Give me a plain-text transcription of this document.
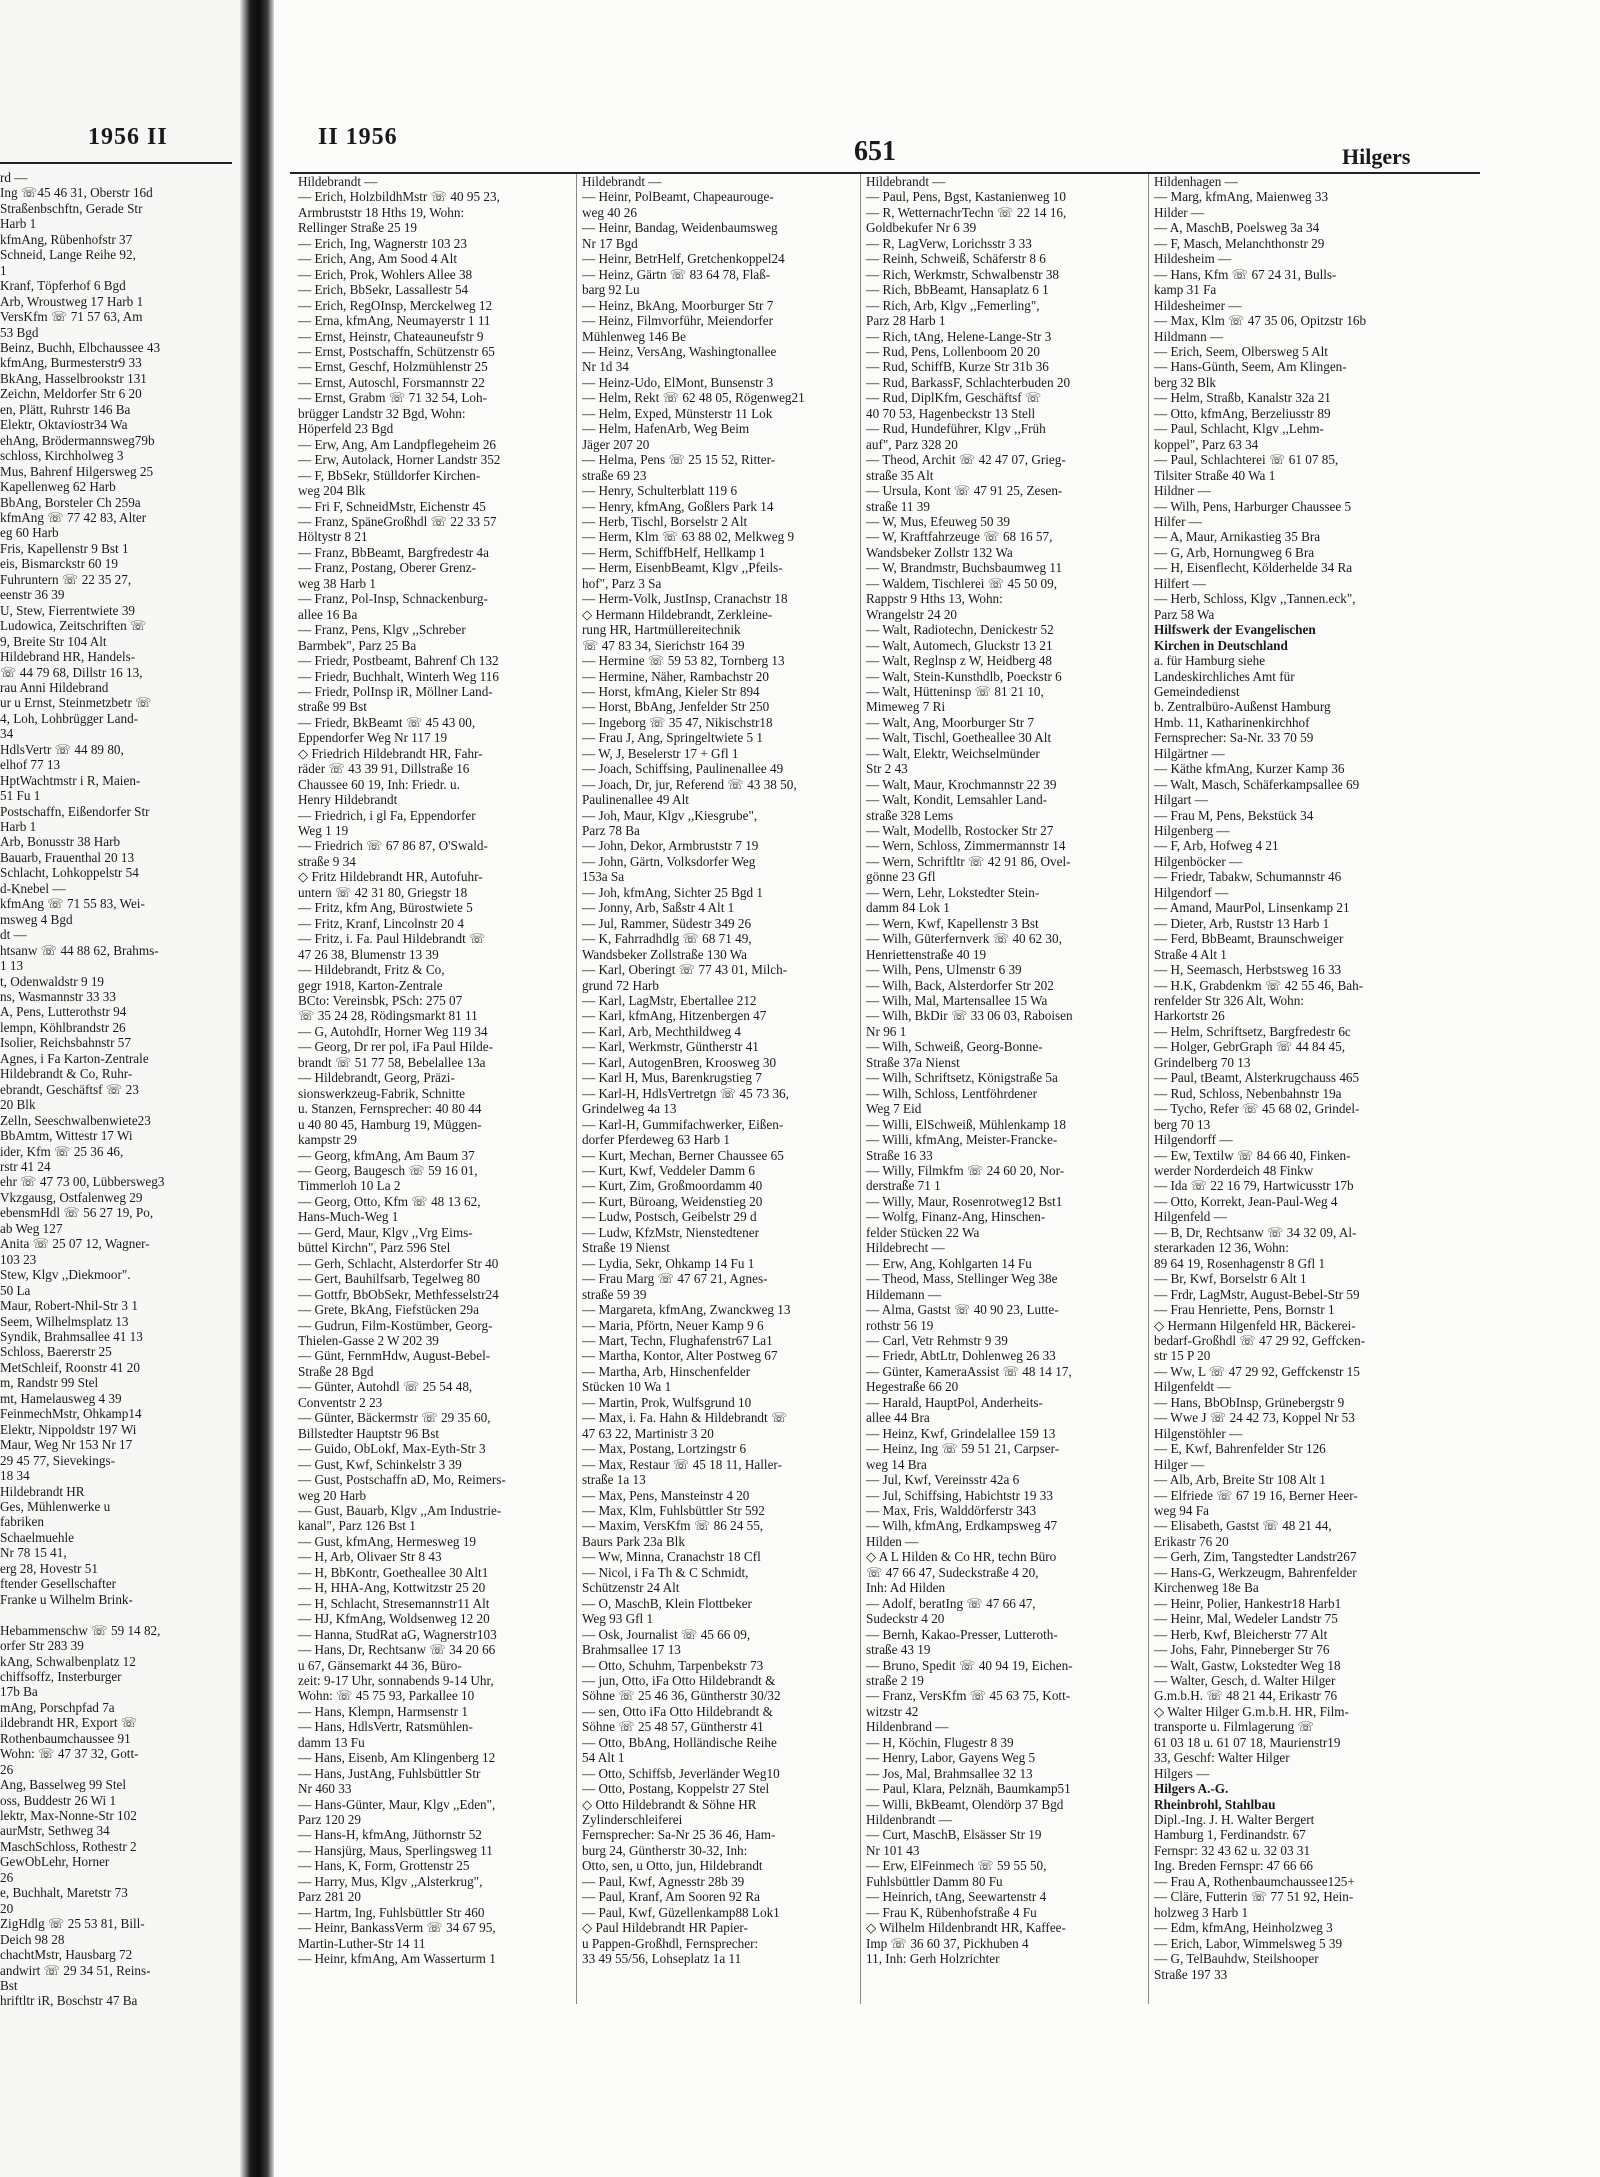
1956 II
rd —
Ing ☏45 46 31, Oberstr 16d
Straßenbschftn, Gerade Str
Harb 1
kfmAng, Rübenhofstr 37
Schneid, Lange Reihe 92,
1
Kranf, Töpferhof 6 Bgd
Arb, Wroustweg 17 Harb 1
VersKfm ☏ 71 57 63, Am
53 Bgd
Beinz, Buchh, Elbchaussee 43
kfmAng, Burmesterstr9 33
BkAng, Hasselbrookstr 131
Zeichn, Meldorfer Str 6 20
en, Plätt, Ruhrstr 146 Ba
Elektr, Oktaviostr34 Wa
ehAng, Brödermannsweg79b
schloss, Kirchholweg 3
Mus, Bahrenf Hilgersweg 25
Kapellenweg 62 Harb
BbAng, Borsteler Ch 259a
kfmAng ☏ 77 42 83, Alter
eg 60 Harb
Fris, Kapellenstr 9 Bst 1
eis, Bismarckstr 60 19
Fuhruntern ☏ 22 35 27,
eenstr 36 39
U, Stew, Fierrentwiete 39
Ludowica, Zeitschriften ☏
9, Breite Str 104 Alt
Hildebrand HR, Handels-
☏ 44 79 68, Dillstr 16 13,
rau Anni Hildebrand
ur u Ernst, Steinmetzbetr ☏
4, Loh, Lohbrügger Land-
34
HdlsVertr ☏ 44 89 80,
elhof 77 13
HptWachtmstr i R, Maien-
51 Fu 1
Postschaffn, Eißendorfer Str
Harb 1
Arb, Bonusstr 38 Harb
Bauarb, Frauenthal 20 13
Schlacht, Lohkoppelstr 54
d-Knebel —
kfmAng ☏ 71 55 83, Wei-
msweg 4 Bgd
dt —
htsanw ☏ 44 88 62, Brahms-
1 13
t, Odenwaldstr 9 19
ns, Wasmannstr 33 33
A, Pens, Lutterothstr 94
lempn, Köhlbrandstr 26
Isolier, Reichsbahnstr 57
Agnes, i Fa Karton-Zentrale
Hildebrandt & Co, Ruhr-
ebrandt, Geschäftsf ☏ 23
20 Blk
Zelln, Seeschwalbenwiete23
BbAmtm, Wittestr 17 Wi
ider, Kfm ☏ 25 36 46,
rstr 41 24
ehr ☏ 47 73 00, Lübbersweg3
Vkzgausg, Ostfalenweg 29
ebensmHdl ☏ 56 27 19, Po,
ab Weg 127
Anita ☏ 25 07 12, Wagner-
103 23
Stew, Klgv ,,Diekmoor".
50 La
Maur, Robert-Nhil-Str 3 1
Seem, Wilhelmsplatz 13
Syndik, Brahmsallee 41 13
Schloss, Baererstr 25
MetSchleif, Roonstr 41 20
m, Randstr 99 Stel
mt, Hamelausweg 4 39
FeinmechMstr, Ohkamp14
Elektr, Nippoldstr 197 Wi
Maur, Weg Nr 153 Nr 17
29 45 77, Sievekings-
18 34
Hildebrandt HR
Ges, Mühlenwerke u
fabriken
Schaelmuehle
Nr 78 15 41,
erg 28, Hovestr 51
ftender Gesellschafter
Franke u Wilhelm Brink-

Hebammenschw ☏ 59 14 82,
orfer Str 283 39
kAng, Schwalbenplatz 12
chiffsoffz, Insterburger
17b Ba
mAng, Porschpfad 7a
ildebrandt HR, Export ☏
Rothenbaumchaussee 91
Wohn: ☏ 47 37 32, Gott-
26
Ang, Basselweg 99 Stel
oss, Buddestr 26 Wi 1
lektr, Max-Nonne-Str 102
aurMstr, Sethweg 34
MaschSchloss, Rothestr 2
GewObLehr, Horner
26
e, Buchhalt, Maretstr 73
20
ZigHdlg ☏ 25 53 81, Bill-
Deich 98 28
chachtMstr, Hausbarg 72
andwirt ☏ 29 34 51, Reins-
Bst
hriftltr iR, Boschstr 47 Ba
II 1956	651	Hilgers
Hildebrandt —
— Erich, HolzbildhMstr ☏ 40 95 23,
Armbruststr 18 Hths 19, Wohn:
Rellinger Straße 25 19
— Erich, Ing, Wagnerstr 103 23
— Erich, Ang, Am Sood 4 Alt
— Erich, Prok, Wohlers Allee 38
— Erich, BbSekr, Lassallestr 54
— Erich, RegOInsp, Merckelweg 12
— Erna, kfmAng, Neumayerstr 1 11
— Ernst, Heinstr, Chateauneufstr 9
— Ernst, Postschaffn, Schützenstr 65
— Ernst, Geschf, Holzmühlenstr 25
— Ernst, Autoschl, Forsmannstr 22
— Ernst, Grabm ☏ 71 32 54, Loh-
brügger Landstr 32 Bgd, Wohn:
Höperfeld 23 Bgd
— Erw, Ang, Am Landpflegeheim 26
— Erw, Autolack, Horner Landstr 352
— F, BbSekr, Stülldorfer Kirchen-
weg 204 Blk
— Fri F, SchneidMstr, Eichenstr 45
— Franz, SpäneGroßhdl ☏ 22 33 57
Höltystr 8 21
— Franz, BbBeamt, Bargfredestr 4a
— Franz, Postang, Oberer Grenz-
weg 38 Harb 1
— Franz, Pol-Insp, Schnackenburg-
allee 16 Ba
— Franz, Pens, Klgv ,,Schreber
Barmbek", Parz 25 Ba
— Friedr, Postbeamt, Bahrenf Ch 132
— Friedr, Buchhalt, Winterh Weg 116
— Friedr, PolInsp iR, Möllner Land-
straße 99 Bst
— Friedr, BkBeamt ☏ 45 43 00,
Eppendorfer Weg Nr 117 19
◇ Friedrich Hildebrandt HR, Fahr-
räder ☏ 43 39 91, Dillstraße 16
Chaussee 60 19, Inh: Friedr. u.
Henry Hildebrandt
— Friedrich, i gl Fa, Eppendorfer
Weg 1 19
— Friedrich ☏ 67 86 87, O'Swald-
straße 9 34
◇ Fritz Hildebrandt HR, Autofuhr-
untern ☏ 42 31 80, Griegstr 18
— Fritz, kfm Ang, Bürostwiete 5
— Fritz, Kranf, Lincolnstr 20 4
— Fritz, i. Fa. Paul Hildebrandt ☏
47 26 38, Blumenstr 13 39
— Hildebrandt, Fritz & Co,
gegr 1918, Karton-Zentrale
BCto: Vereinsbk, PSch: 275 07
☏ 35 24 28, Rödingsmarkt 81 11
— G, AutohdIr, Horner Weg 119 34
— Georg, Dr rer pol, iFa Paul Hilde-
brandt ☏ 51 77 58, Bebelallee 13a
— Hildebrandt, Georg, Präzi-
sionswerkzeug-Fabrik, Schnitte
u. Stanzen, Fernsprecher: 40 80 44
u 40 80 45, Hamburg 19, Müggen-
kampstr 29
— Georg, kfmAng, Am Baum 37
— Georg, Baugesch ☏ 59 16 01,
Timmerloh 10 La 2
— Georg, Otto, Kfm ☏ 48 13 62,
Hans-Much-Weg 1
— Gerd, Maur, Klgv ,,Vrg Eims-
büttel Kirchn", Parz 596 Stel
— Gerh, Schlacht, Alsterdorfer Str 40
— Gert, Bauhilfsarb, Tegelweg 80
— Gottfr, BbObSekr, Methfesselstr24
— Grete, BkAng, Fiefstücken 29a
— Gudrun, Film-Kostümber, Georg-
Thielen-Gasse 2 W 202 39
— Günt, FernmHdw, August-Bebel-
Straße 28 Bgd
— Günter, Autohdl ☏ 25 54 48,
Conventstr 2 23
— Günter, Bäckermstr ☏ 29 35 60,
Billstedter Hauptstr 96 Bst
— Guido, ObLokf, Max-Eyth-Str 3
— Gust, Kwf, Schinkelstr 3 39
— Gust, Postschaffn aD, Mo, Reimers-
weg 20 Harb
— Gust, Bauarb, Klgv ,,Am Industrie-
kanal", Parz 126 Bst 1
— Gust, kfmAng, Hermesweg 19
— H, Arb, Olivaer Str 8 43
— H, BbKontr, Goetheallee 30 Alt1
— H, HHA-Ang, Kottwitzstr 25 20
— H, Schlacht, Stresemannstr11 Alt
— HJ, KfmAng, Woldsenweg 12 20
— Hanna, StudRat aG, Wagnerstr103
— Hans, Dr, Rechtsanw ☏ 34 20 66
u 67, Gänsemarkt 44 36, Büro-
zeit: 9-17 Uhr, sonnabends 9-14 Uhr,
Wohn: ☏ 45 75 93, Parkallee 10
— Hans, Klempn, Harmsenstr 1
— Hans, HdlsVertr, Ratsmühlen-
damm 13 Fu
— Hans, Eisenb, Am Klingenberg 12
— Hans, JustAng, Fuhlsbüttler Str
Nr 460 33
— Hans-Günter, Maur, Klgv ,,Eden",
Parz 120 29
— Hans-H, kfmAng, Jüthornstr 52
— Hansjürg, Maus, Sperlingsweg 11
— Hans, K, Form, Grottenstr 25
— Harry, Mus, Klgv ,,Alsterkrug",
Parz 281 20
— Hartm, Ing, Fuhlsbüttler Str 460
— Heinr, BankassVerm ☏ 34 67 95,
Martin-Luther-Str 14 11
— Heinr, kfmAng, Am Wasserturm 1
Hildebrandt —
— Heinr, PolBeamt, Chapeaurouge-
weg 40 26
— Heinr, Bandag, Weidenbaumsweg
Nr 17 Bgd
— Heinr, BetrHelf, Gretchenkoppel24
— Heinz, Gärtn ☏ 83 64 78, Flaß-
barg 92 Lu
— Heinz, BkAng, Moorburger Str 7
— Heinz, Filmvorführ, Meiendorfer
Mühlenweg 146 Be
— Heinz, VersAng, Washingtonallee
Nr 1d 34
— Heinz-Udo, ElMont, Bunsenstr 3
— Helm, Rekt ☏ 62 48 05, Rögenweg21
— Helm, Exped, Münsterstr 11 Lok
— Helm, HafenArb, Weg Beim
Jäger 207 20
— Helma, Pens ☏ 25 15 52, Ritter-
straße 69 23
— Henry, Schulterblatt 119 6
— Henry, kfmAng, Goßlers Park 14
— Herb, Tischl, Borselstr 2 Alt
— Herm, Klm ☏ 63 88 02, Melkweg 9
— Herm, SchiffbHelf, Hellkamp 1
— Herm, EisenbBeamt, Klgv ,,Pfeils-
hof", Parz 3 Sa
— Herm-Volk, JustInsp, Cranachstr 18
◇ Hermann Hildebrandt, Zerkleine-
rung HR, Hartmüllereitechnik
☏ 47 83 34, Sierichstr 164 39
— Hermine ☏ 59 53 82, Tornberg 13
— Hermine, Näher, Rambachstr 20
— Horst, kfmAng, Kieler Str 894
— Horst, BbAng, Jenfelder Str 250
— Ingeborg ☏ 35 47, Nikischstr18
— Frau J, Ang, Springeltwiete 5 1
— W, J, Beselerstr 17 + Gfl 1
— Joach, Schiffsing, Paulinenallee 49
— Joach, Dr, jur, Referend ☏ 43 38 50,
Paulinenallee 49 Alt
— Joh, Maur, Klgv ,,Kiesgrube",
Parz 78 Ba
— John, Dekor, Armbruststr 7 19
— John, Gärtn, Volksdorfer Weg
153a Sa
— Joh, kfmAng, Sichter 25 Bgd 1
— Jonny, Arb, Saßstr 4 Alt 1
— Jul, Rammer, Südestr 349 26
— K, Fahrradhdlg ☏ 68 71 49,
Wandsbeker Zollstraße 130 Wa
— Karl, Oberingt ☏ 77 43 01, Milch-
grund 72 Harb
— Karl, LagMstr, Ebertallee 212
— Karl, kfmAng, Hitzenbergen 47
— Karl, Arb, Mechthildweg 4
— Karl, Werkmstr, Güntherstr 41
— Karl, AutogenBren, Kroosweg 30
— Karl H, Mus, Barenkrugstieg 7
— Karl-H, HdlsVertretgn ☏ 45 73 36,
Grindelweg 4a 13
— Karl-H, Gummifachwerker, Eißen-
dorfer Pferdeweg 63 Harb 1
— Kurt, Mechan, Berner Chaussee 65
— Kurt, Kwf, Veddeler Damm 6
— Kurt, Zim, Großmoordamm 40
— Kurt, Büroang, Weidenstieg 20
— Ludw, Postsch, Geibelstr 29 d
— Ludw, KfzMstr, Nienstedtener
Straße 19 Nienst
— Lydia, Sekr, Ohkamp 14 Fu 1
— Frau Marg ☏ 47 67 21, Agnes-
straße 59 39
— Margareta, kfmAng, Zwanckweg 13
— Maria, Pförtn, Neuer Kamp 9 6
— Mart, Techn, Flughafenstr67 La1
— Martha, Kontor, Alter Postweg 67
— Martha, Arb, Hinschenfelder
Stücken 10 Wa 1
— Martin, Prok, Wulfsgrund 10
— Max, i. Fa. Hahn & Hildebrandt ☏
47 63 22, Martinistr 3 20
— Max, Postang, Lortzingstr 6
— Max, Restaur ☏ 45 18 11, Haller-
straße 1a 13
— Max, Pens, Mansteinstr 4 20
— Max, Klm, Fuhlsbüttler Str 592
— Maxim, VersKfm ☏ 86 24 55,
Baurs Park 23a Blk
— Ww, Minna, Cranachstr 18 Cfl
— Nicol, i Fa Th & C Schmidt,
Schützenstr 24 Alt
— O, MaschB, Klein Flottbeker
Weg 93 Gfl 1
— Osk, Journalist ☏ 45 66 09,
Brahmsallee 17 13
— Otto, Schuhm, Tarpenbekstr 73
— jun, Otto, iFa Otto Hildebrandt &
Söhne ☏ 25 46 36, Güntherstr 30/32
— sen, Otto iFa Otto Hildebrandt &
Söhne ☏ 25 48 57, Güntherstr 41
— Otto, BbAng, Holländische Reihe
54 Alt 1
— Otto, Schiffsb, Jeverländer Weg10
— Otto, Postang, Koppelstr 27 Stel
◇ Otto Hildebrandt & Söhne HR
Zylinderschleiferei
Fernsprecher: Sa-Nr 25 36 46, Ham-
burg 24, Güntherstr 30-32, Inh:
Otto, sen, u Otto, jun, Hildebrandt
— Paul, Kwf, Agnesstr 28b 39
— Paul, Kranf, Am Sooren 92 Ra
— Paul, Kwf, Güzellenkamp88 Lok1
◇ Paul Hildebrandt HR Papier-
u Pappen-Großhdl, Fernsprecher:
33 49 55/56, Lohseplatz 1a 11
Hildebrandt —
— Paul, Pens, Bgst, Kastanienweg 10
— R, WetternachrTechn ☏ 22 14 16,
Goldbekufer Nr 6 39
— R, LagVerw, Lorichsstr 3 33
— Reinh, Schweiß, Schäferstr 8 6
— Rich, Werkmstr, Schwalbenstr 38
— Rich, BbBeamt, Hansaplatz 6 1
— Rich, Arb, Klgv ,,Femerling",
Parz 28 Harb 1
— Rich, tAng, Helene-Lange-Str 3
— Rud, Pens, Lollenboom 20 20
— Rud, SchiffB, Kurze Str 31b 36
— Rud, BarkassF, Schlachterbuden 20
— Rud, DiplKfm, Geschäftsf ☏
40 70 53, Hagenbeckstr 13 Stell
— Rud, Hundeführer, Klgv ,,Früh
auf", Parz 328 20
— Theod, Archit ☏ 42 47 07, Grieg-
straße 35 Alt
— Ursula, Kont ☏ 47 91 25, Zesen-
straße 11 39
— W, Mus, Efeuweg 50 39
— W, Kraftfahrzeuge ☏ 68 16 57,
Wandsbeker Zollstr 132 Wa
— W, Brandmstr, Buchsbaumweg 11
— Waldem, Tischlerei ☏ 45 50 09,
Rappstr 9 Hths 13, Wohn:
Wrangelstr 24 20
— Walt, Radiotechn, Denickestr 52
— Walt, Automech, Gluckstr 13 21
— Walt, Reglnsp z W, Heidberg 48
— Walt, Stein-Kunsthdlb, Poeckstr 6
— Walt, Hütteninsp ☏ 81 21 10,
Mimeweg 7 Ri
— Walt, Ang, Moorburger Str 7
— Walt, Tischl, Goetheallee 30 Alt
— Walt, Elektr, Weichselmünder
Str 2 43
— Walt, Maur, Krochmannstr 22 39
— Walt, Kondit, Lemsahler Land-
straße 328 Lems
— Walt, Modellb, Rostocker Str 27
— Wern, Schloss, Zimmermannstr 14
— Wern, Schriftltr ☏ 42 91 86, Ovel-
gönne 23 Gfl
— Wern, Lehr, Lokstedter Stein-
damm 84 Lok 1
— Wern, Kwf, Kapellenstr 3 Bst
— Wilh, Güterfernverk ☏ 40 62 30,
Henriettenstraße 40 19
— Wilh, Pens, Ulmenstr 6 39
— Wilh, Back, Alsterdorfer Str 202
— Wilh, Mal, Martensallee 15 Wa
— Wilh, BkDir ☏ 33 06 03, Raboisen
Nr 96 1
— Wilh, Schweiß, Georg-Bonne-
Straße 37a Nienst
— Wilh, Schriftsetz, Königstraße 5a
— Wilh, Schloss, Lentföhrdener
Weg 7 Eid
— Willi, ElSchweiß, Mühlenkamp 18
— Willi, kfmAng, Meister-Francke-
Straße 16 33
— Willy, Filmkfm ☏ 24 60 20, Nor-
derstraße 71 1
— Willy, Maur, Rosenrotweg12 Bst1
— Wolfg, Finanz-Ang, Hinschen-
felder Stücken 22 Wa
Hildebrecht —
— Erw, Ang, Kohlgarten 14 Fu
— Theod, Mass, Stellinger Weg 38e
Hildemann —
— Alma, Gastst ☏ 40 90 23, Lutte-
rothstr 56 19
— Carl, Vetr Rehmstr 9 39
— Friedr, AbtLtr, Dohlenweg 26 33
— Günter, KameraAssist ☏ 48 14 17,
Hegestraße 66 20
— Harald, HauptPol, Anderheits-
allee 44 Bra
— Heinz, Kwf, Grindelallee 159 13
— Heinz, Ing ☏ 59 51 21, Carpser-
weg 14 Bra
— Jul, Kwf, Vereinsstr 42a 6
— Jul, Schiffsing, Habichtstr 19 33
— Max, Fris, Walddörferstr 343
— Wilh, kfmAng, Erdkampsweg 47
Hilden —
◇ A L Hilden & Co HR, techn Büro
☏ 47 66 47, Sudeckstraße 4 20,
Inh: Ad Hilden
— Adolf, beratIng ☏ 47 66 47,
Sudeckstr 4 20
— Bernh, Kakao-Presser, Lutteroth-
straße 43 19
— Bruno, Spedit ☏ 40 94 19, Eichen-
straße 2 19
— Franz, VersKfm ☏ 45 63 75, Kott-
witzstr 42
Hildenbrand —
— H, Köchin, Flugestr 8 39
— Henry, Labor, Gayens Weg 5
— Jos, Mal, Brahmsallee 32 13
— Paul, Klara, Pelznäh, Baumkamp51
— Willi, BkBeamt, Olendörp 37 Bgd
Hildenbrandt —
— Curt, MaschB, Elsässer Str 19
Nr 101 43
— Erw, ElFeinmech ☏ 59 55 50,
Fuhlsbüttler Damm 80 Fu
— Heinrich, tAng, Seewartenstr 4
— Frau K, Rübenhofstraße 4 Fu
◇ Wilhelm Hildenbrandt HR, Kaffee-
Imp ☏ 36 60 37, Pickhuben 4
11, Inh: Gerh Holzrichter
Hildenhagen —
— Marg, kfmAng, Maienweg 33
Hilder —
— A, MaschB, Poelsweg 3a 34
— F, Masch, Melanchthonstr 29
Hildesheim —
— Hans, Kfm ☏ 67 24 31, Bulls-
kamp 31 Fa
Hildesheimer —
— Max, Klm ☏ 47 35 06, Opitzstr 16b
Hildmann —
— Erich, Seem, Olbersweg 5 Alt
— Hans-Günth, Seem, Am Klingen-
berg 32 Blk
— Helm, Straßb, Kanalstr 32a 21
— Otto, kfmAng, Berzeliusstr 89
— Paul, Schlacht, Klgv ,,Lehm-
koppel", Parz 63 34
— Paul, Schlachterei ☏ 61 07 85,
Tilsiter Straße 40 Wa 1
Hildner —
— Wilh, Pens, Harburger Chaussee 5
Hilfer —
— A, Maur, Arnikastieg 35 Bra
— G, Arb, Hornungweg 6 Bra
— H, Eisenflecht, Kölderhelde 34 Ra
Hilfert —
— Herb, Schloss, Klgv ,,Tannen.eck",
Parz 58 Wa
Hilfswerk der Evangelischen
Kirchen in Deutschland
a. für Hamburg siehe
Landeskirchliches Amt für
Gemeindedienst
b. Zentralbüro-Außenst Hamburg
Hmb. 11, Katharinenkirchhof
Fernsprecher: Sa-Nr. 33 70 59
Hilgärtner —
— Käthe kfmAng, Kurzer Kamp 36
— Walt, Masch, Schäferkampsallee 69
Hilgart —
— Frau M, Pens, Bekstück 34
Hilgenberg —
— F, Arb, Hofweg 4 21
Hilgenböcker —
— Friedr, Tabakw, Schumannstr 46
Hilgendorf —
— Amand, MaurPol, Linsenkamp 21
— Dieter, Arb, Ruststr 13 Harb 1
— Ferd, BbBeamt, Braunschweiger
Straße 4 Alt 1
— H, Seemasch, Herbstsweg 16 33
— H.K, Grabdenkm ☏ 42 55 46, Bah-
renfelder Str 326 Alt, Wohn:
Harkortstr 26
— Helm, Schriftsetz, Bargfredestr 6c
— Holger, GebrGraph ☏ 44 84 45,
Grindelberg 70 13
— Paul, tBeamt, Alsterkrugchauss 465
— Rud, Schloss, Nebenbahnstr 19a
— Tycho, Refer ☏ 45 68 02, Grindel-
berg 70 13
Hilgendorff —
— Ew, Textilw ☏ 84 66 40, Finken-
werder Norderdeich 48 Finkw
— Ida ☏ 22 16 79, Hartwicusstr 17b
— Otto, Korrekt, Jean-Paul-Weg 4
Hilgenfeld —
— B, Dr, Rechtsanw ☏ 34 32 09, Al-
sterarkaden 12 36, Wohn:
89 64 19, Rosenhagenstr 8 Gfl 1
— Br, Kwf, Borselstr 6 Alt 1
— Frdr, LagMstr, August-Bebel-Str 59
— Frau Henriette, Pens, Bornstr 1
◇ Hermann Hilgenfeld HR, Bäckerei-
bedarf-Großhdl ☏ 47 29 92, Geffcken-
str 15 P 20
— Ww, L ☏ 47 29 92, Geffckenstr 15
Hilgenfeldt —
— Hans, BbObInsp, Grünebergstr 9
— Wwe J ☏ 24 42 73, Koppel Nr 53
Hilgenstöhler —
— E, Kwf, Bahrenfelder Str 126
Hilger —
— Alb, Arb, Breite Str 108 Alt 1
— Elfriede ☏ 67 19 16, Berner Heer-
weg 94 Fa
— Elisabeth, Gastst ☏ 48 21 44,
Erikastr 76 20
— Gerh, Zim, Tangstedter Landstr267
— Hans-G, Werkzeugm, Bahrenfelder
Kirchenweg 18e Ba
— Heinr, Polier, Hankestr18 Harb1
— Heinr, Mal, Wedeler Landstr 75
— Herb, Kwf, Bleicherstr 77 Alt
— Johs, Fahr, Pinneberger Str 76
— Walt, Gastw, Lokstedter Weg 18
— Walter, Gesch, d. Walter Hilger
G.m.b.H. ☏ 48 21 44, Erikastr 76
◇ Walter Hilger G.m.b.H. HR, Film-
transporte u. Filmlagerung ☏
61 03 18 u. 61 07 18, Maurienstr19
33, Geschf: Walter Hilger
Hilgers —
Hilgers A.-G.
Rheinbrohl, Stahlbau
Dipl.-Ing. J. H. Walter Bergert
Hamburg 1, Ferdinandstr. 67
Fernspr: 32 43 62 u. 32 03 31
Ing. Breden Fernspr: 47 66 66
— Frau A, Rothenbaumchaussee125+
— Cläre, Futterin ☏ 77 51 92, Hein-
holzweg 3 Harb 1
— Edm, kfmAng, Heinholzweg 3
— Erich, Labor, Wimmelsweg 5 39
— G, TelBauhdw, Steilshooper
Straße 197 33
